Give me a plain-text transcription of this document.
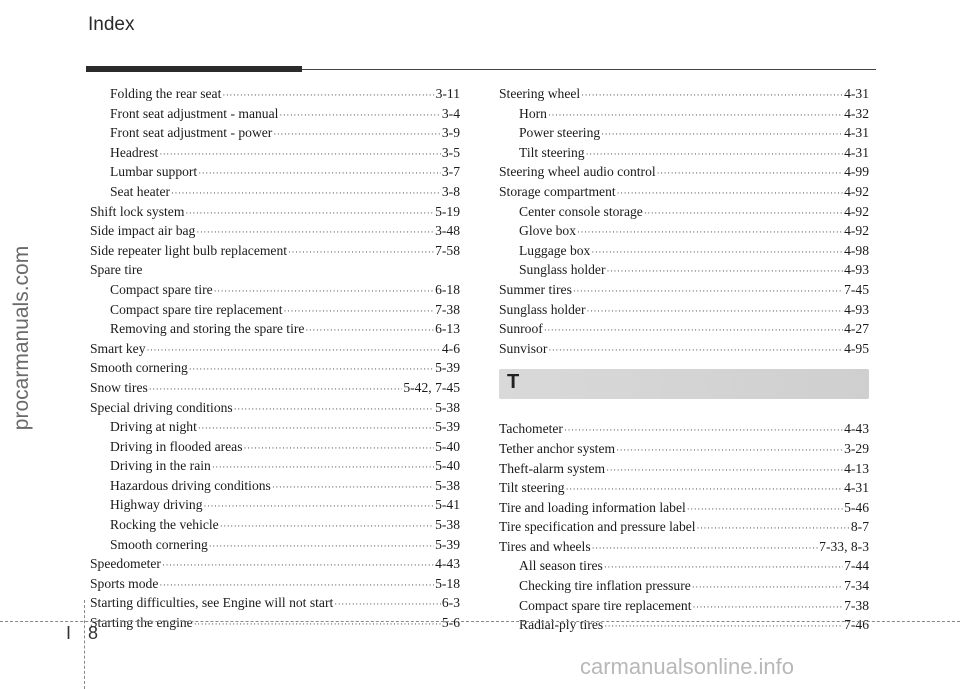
Index
procarmanuals.com
Folding the rear seat ·····	3-11
Front seat adjustment - manual ·····	3-4
Front seat adjustment - power ·····	3-9
Headrest ·····	3-5
Lumbar support ·····	3-7
Seat heater ·····	3-8
Shift lock system ·····	5-19
Side impact air bag ·····	3-48
Side repeater light bulb replacement ·····	7-58
Spare tire
Compact spare tire ·····	6-18
Compact spare tire replacement ·····	7-38
Removing and storing the spare tire ·····	6-13
Smart key ·····	4-6
Smooth cornering ·····	5-39
Snow tires ·····	5-42, 7-45
Special driving conditions ·····	5-38
Driving at night ·····	5-39
Driving in flooded areas ·····	5-40
Driving in the rain ·····	5-40
Hazardous driving conditions ·····	5-38
Highway driving ·····	5-41
Rocking the vehicle ·····	5-38
Smooth cornering ·····	5-39
Speedometer ·····	4-43
Sports mode ·····	5-18
Starting difficulties, see Engine will not start ·····	6-3
Starting the engine ·····	5-6
Steering wheel ·····	4-31
Horn ·····	4-32
Power steering ·····	4-31
Tilt steering ·····	4-31
Steering wheel audio control ·····	4-99
Storage compartment ·····	4-92
Center console storage ·····	4-92
Glove box ·····	4-92
Luggage box ·····	4-98
Sunglass holder ·····	4-93
Summer tires ·····	7-45
Sunglass holder ·····	4-93
Sunroof ·····	4-27
Sunvisor ·····	4-95
T
Tachometer ·····	4-43
Tether anchor system ·····	3-29
Theft-alarm system ·····	4-13
Tilt steering ·····	4-31
Tire and loading information label ·····	5-46
Tire specification and pressure label ·····	8-7
Tires and wheels ·····	7-33, 8-3
All season tires ·····	7-44
Checking tire inflation pressure ·····	7-34
Compact spare tire replacement ·····	7-38
Radial-ply tires ·····	7-46
I 8
carmanualsonline.info
